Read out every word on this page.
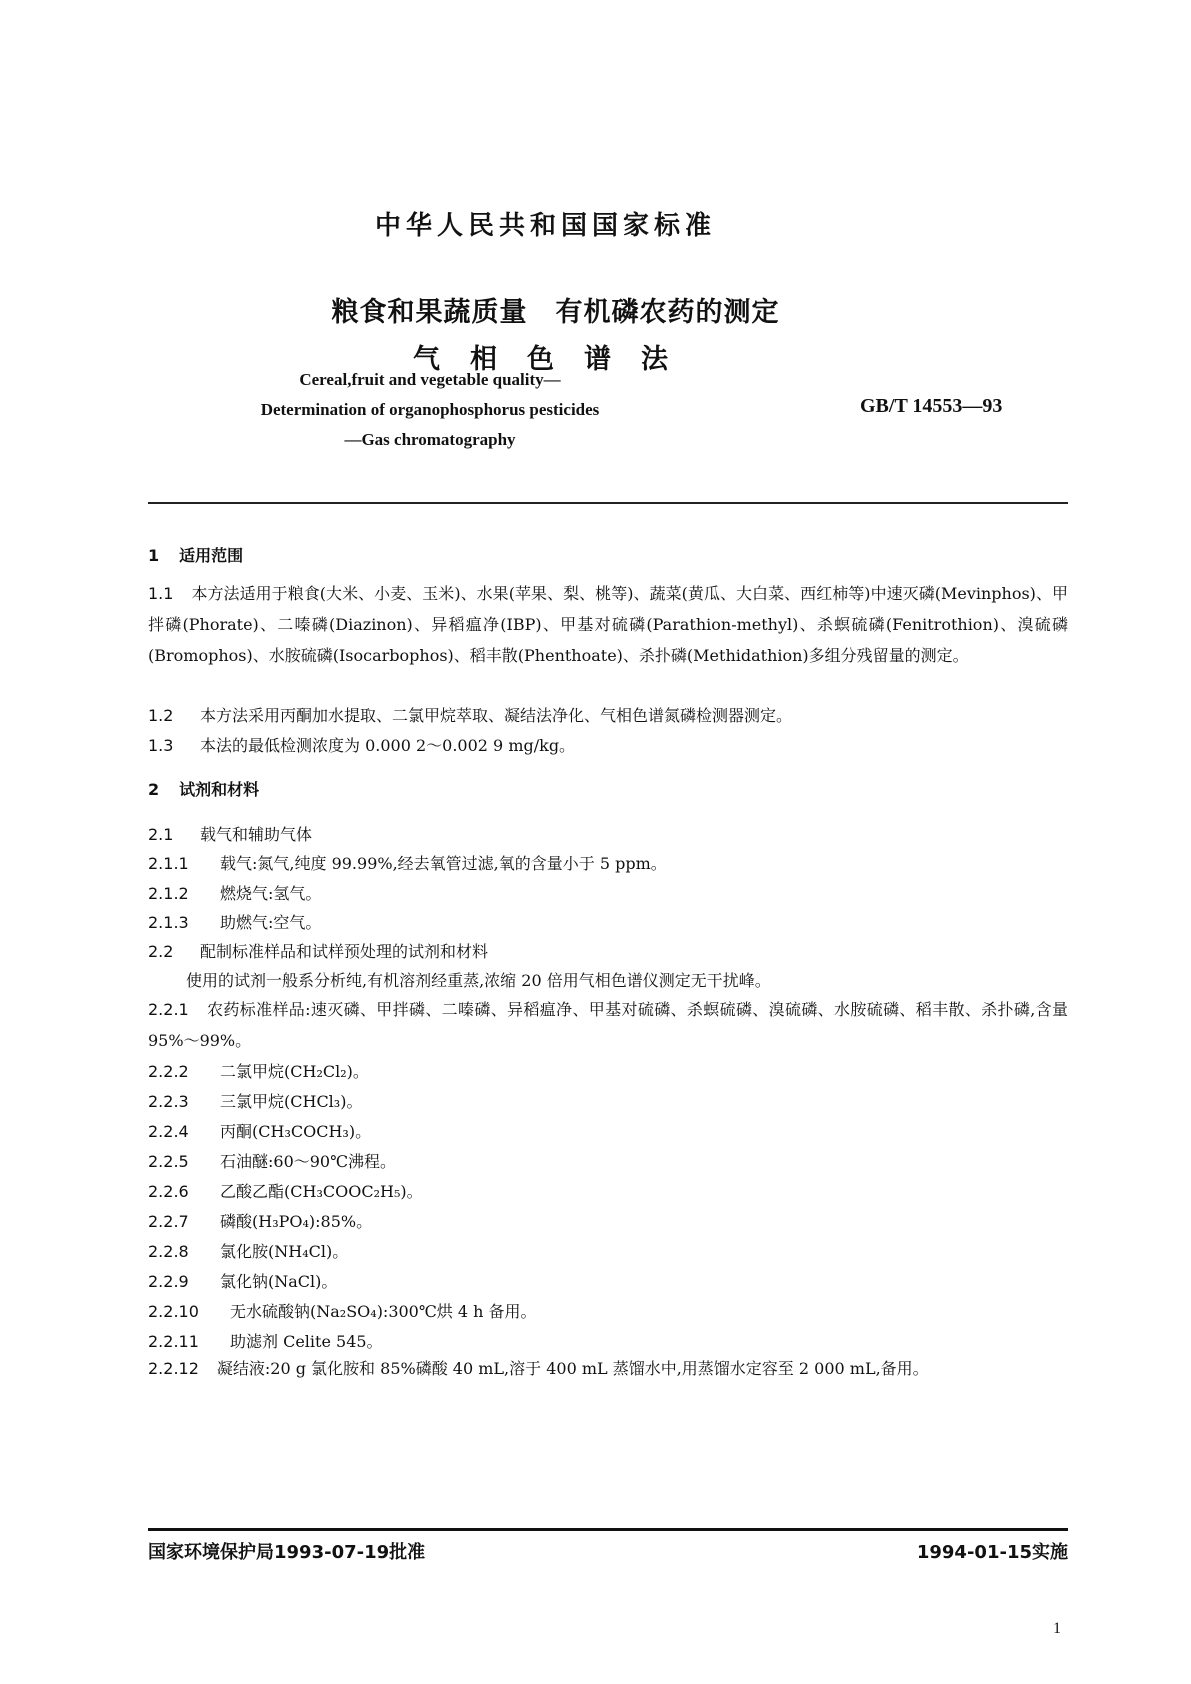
中华人民共和国国家标准
粮食和果蔬质量　有机磷农药的测定
气相色谱法
Cereal,fruit and vegetable quality—
Determination of organophosphorus pesticides
—Gas chromatography
GB/T 14553—93
1 适用范围
1.1 本方法适用于粮食(大米、小麦、玉米)、水果(苹果、梨、桃等)、蔬菜(黄瓜、大白菜、西红柿等)中速灭磷(Mevinphos)、甲拌磷(Phorate)、二嗪磷(Diazinon)、异稻瘟净(IBP)、甲基对硫磷(Parathion-methyl)、杀螟硫磷(Fenitrothion)、溴硫磷(Bromophos)、水胺硫磷(Isocarbophos)、稻丰散(Phenthoate)、杀扑磷(Methidathion)多组分残留量的测定。
1.2 本方法采用丙酮加水提取、二氯甲烷萃取、凝结法净化、气相色谱氮磷检测器测定。
1.3 本法的最低检测浓度为 0.000 2～0.002 9 mg/kg。
2 试剂和材料
2.1 载气和辅助气体
2.1.1 载气:氮气,纯度 99.99%,经去氧管过滤,氧的含量小于 5 ppm。
2.1.2 燃烧气:氢气。
2.1.3 助燃气:空气。
2.2 配制标准样品和试样预处理的试剂和材料
使用的试剂一般系分析纯,有机溶剂经重蒸,浓缩 20 倍用气相色谱仪测定无干扰峰。
2.2.1 农药标准样品:速灭磷、甲拌磷、二嗪磷、异稻瘟净、甲基对硫磷、杀螟硫磷、溴硫磷、水胺硫磷、稻丰散、杀扑磷,含量 95%～99%。
2.2.2 二氯甲烷(CH₂Cl₂)。
2.2.3 三氯甲烷(CHCl₃)。
2.2.4 丙酮(CH₃COCH₃)。
2.2.5 石油醚:60～90℃沸程。
2.2.6 乙酸乙酯(CH₃COOC₂H₅)。
2.2.7 磷酸(H₃PO₄):85%。
2.2.8 氯化胺(NH₄Cl)。
2.2.9 氯化钠(NaCl)。
2.2.10 无水硫酸钠(Na₂SO₄):300℃烘 4 h 备用。
2.2.11 助滤剂 Celite 545。
2.2.12 凝结液:20 g 氯化胺和 85%磷酸 40 mL,溶于 400 mL 蒸馏水中,用蒸馏水定容至 2 000 mL,备用。
国家环境保护局1993-07-19批准	1994-01-15实施
1
